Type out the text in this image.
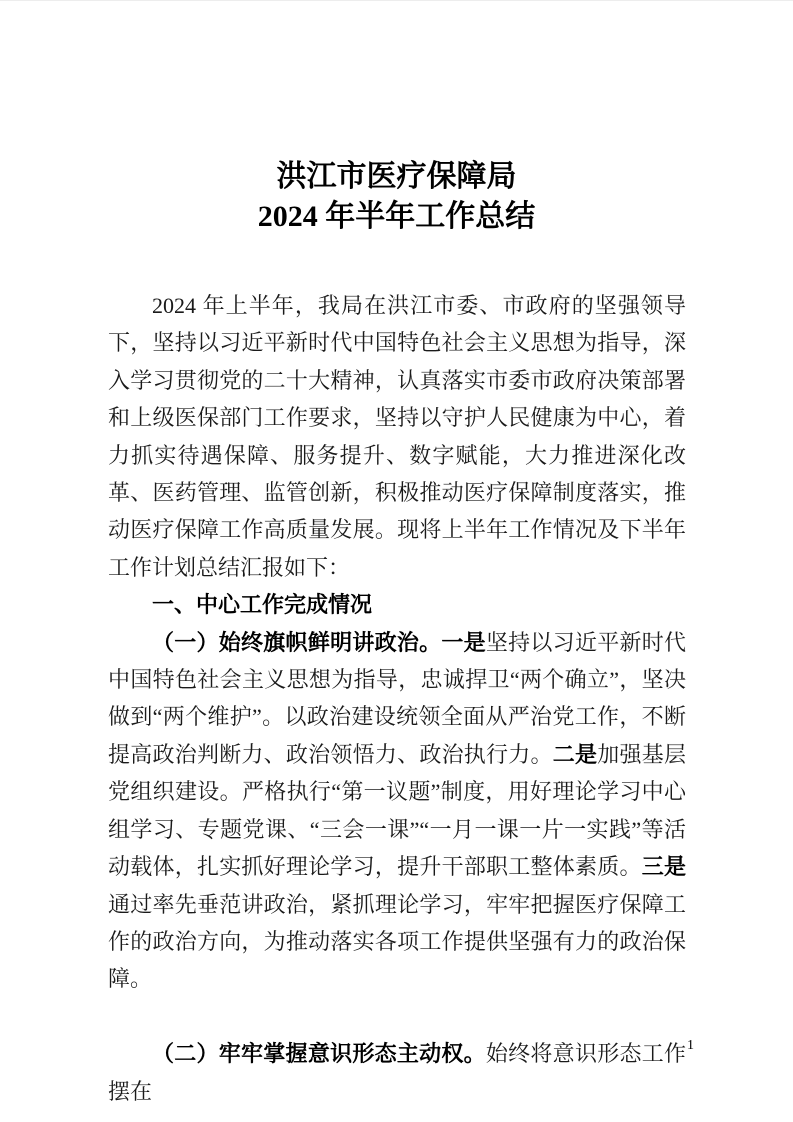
洪江市医疗保障局
2024 年半年工作总结

2024 年上半年，我局在洪江市委、市政府的坚强领导下，坚持以习近平新时代中国特色社会主义思想为指导，深入学习贯彻党的二十大精神，认真落实市委市政府决策部署和上级医保部门工作要求，坚持以守护人民健康为中心，着力抓实待遇保障、服务提升、数字赋能，大力推进深化改革、医药管理、监管创新，积极推动医疗保障制度落实，推动医疗保障工作高质量发展。现将上半年工作情况及下半年工作计划总结汇报如下：

一、中心工作完成情况

（一）始终旗帜鲜明讲政治。一是坚持以习近平新时代中国特色社会主义思想为指导，忠诚捍卫“两个确立”，坚决做到“两个维护”。以政治建设统领全面从严治党工作，不断提高政治判断力、政治领悟力、政治执行力。二是加强基层党组织建设。严格执行“第一议题”制度，用好理论学习中心组学习、专题党课、“三会一课”“一月一课一片一实践”等活动载体，扎实抓好理论学习，提升干部职工整体素质。三是通过率先垂范讲政治，紧抓理论学习，牢牢把握医疗保障工作的政治方向，为推动落实各项工作提供坚强有力的政治保障。

（二）牢牢掌握意识形态主动权。始终将意识形态工作摆在

1
